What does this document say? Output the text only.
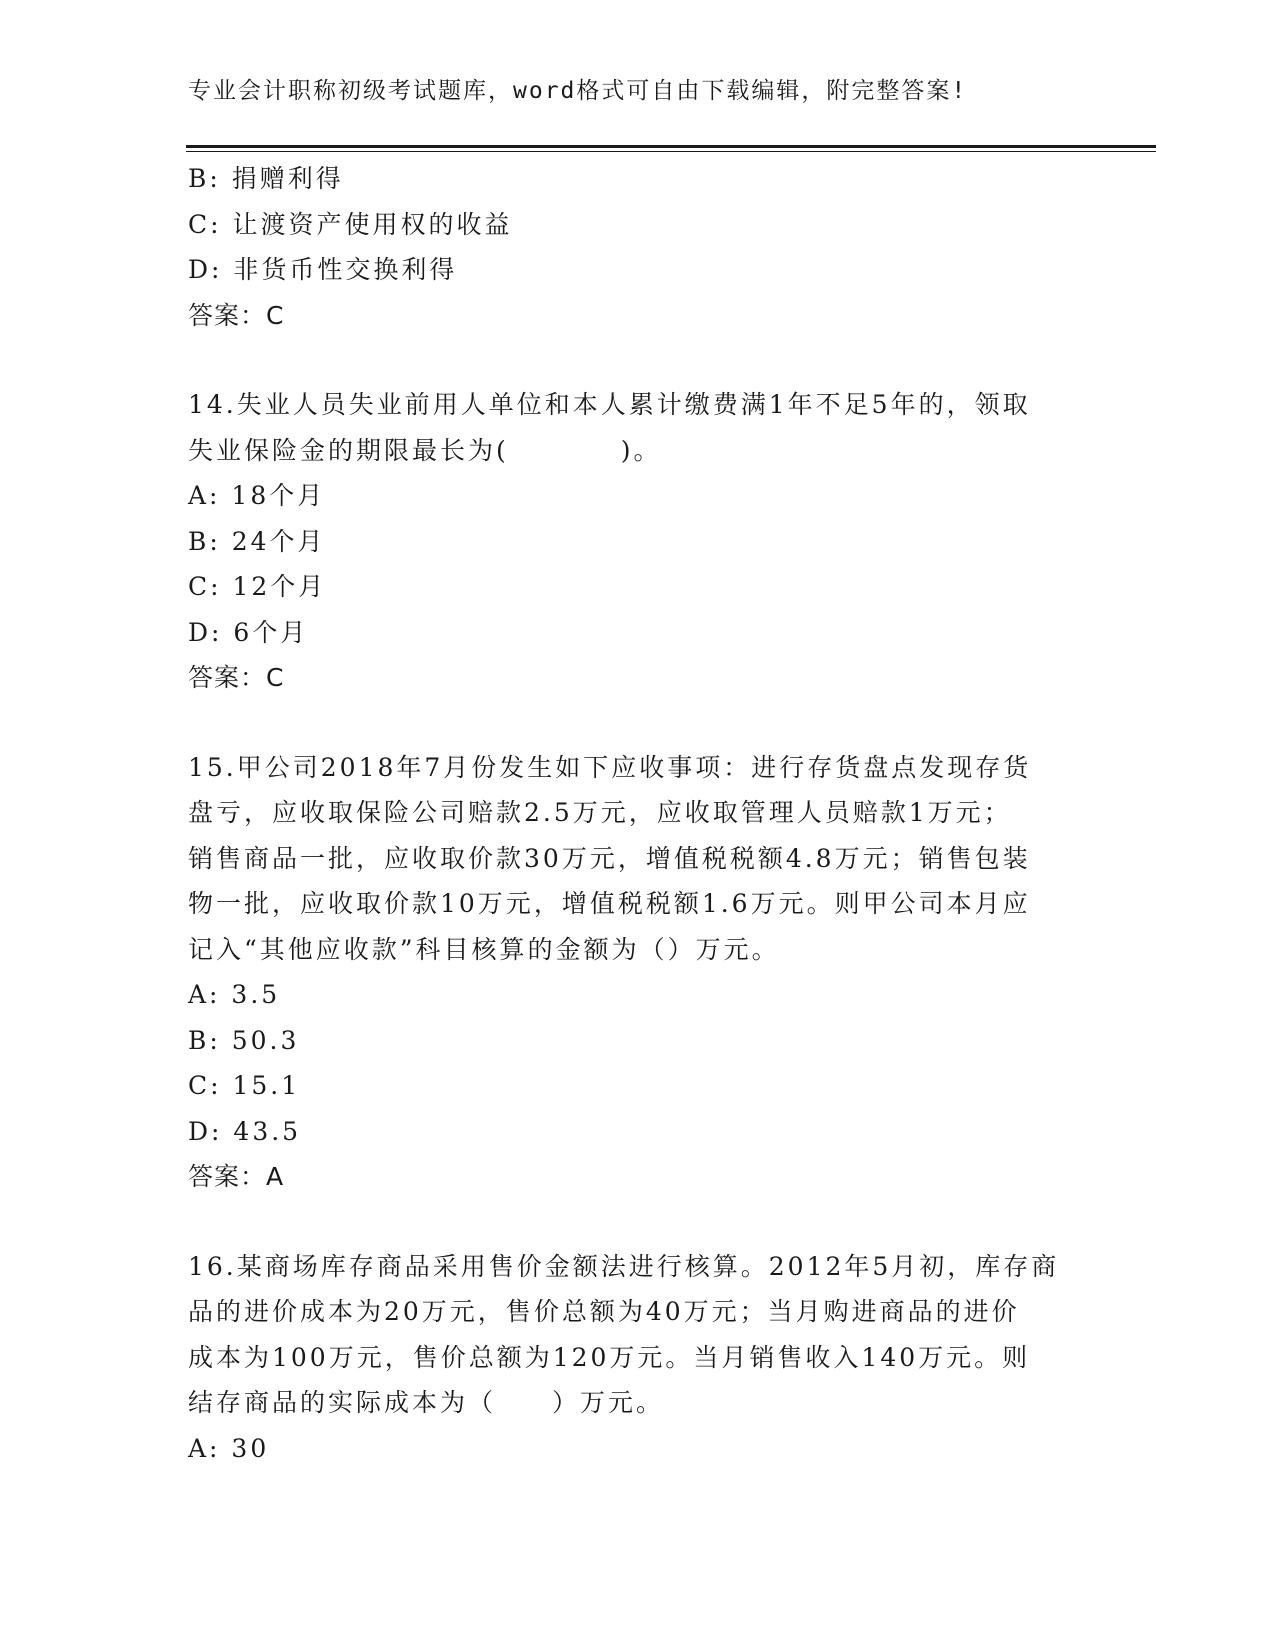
专业会计职称初级考试题库，word格式可自由下载编辑，附完整答案!
B: 捐赠利得
C: 让渡资产使用权的收益
D: 非货币性交换利得
答案：C
14.失业人员失业前用人单位和本人累计缴费满1年不足5年的，领取
失业保险金的期限最长为(　　　　)。
A: 18个月
B: 24个月
C: 12个月
D: 6个月
答案：C
15.甲公司2018年7月份发生如下应收事项：进行存货盘点发现存货
盘亏，应收取保险公司赔款2.5万元，应收取管理人员赔款1万元；
销售商品一批，应收取价款30万元，增值税税额4.8万元；销售包装
物一批，应收取价款10万元，增值税税额1.6万元。则甲公司本月应
记入“其他应收款”科目核算的金额为（）万元。
A: 3.5
B: 50.3
C: 15.1
D: 43.5
答案：A
16.某商场库存商品采用售价金额法进行核算。2012年5月初，库存商
品的进价成本为20万元，售价总额为40万元；当月购进商品的进价
成本为100万元，售价总额为120万元。当月销售收入140万元。则
结存商品的实际成本为（　　）万元。
A: 30
